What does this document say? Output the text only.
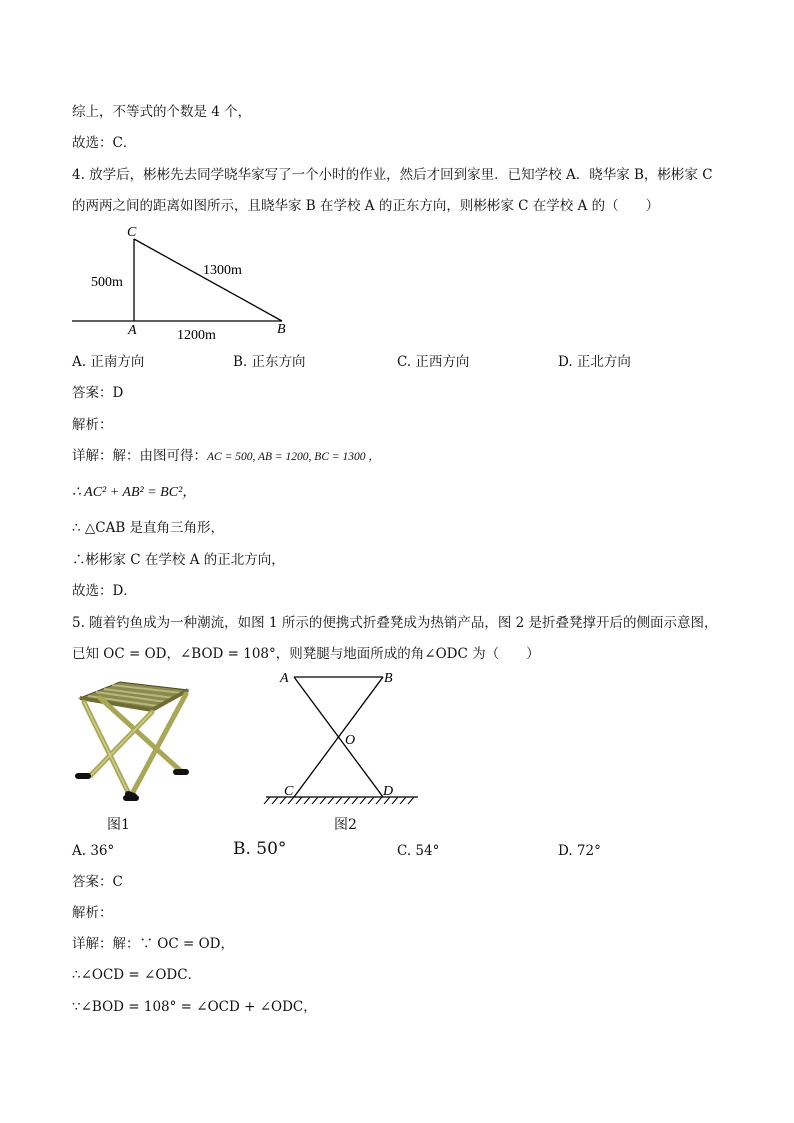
综上，不等式的个数是 4 个，
故选：C．
4. 放学后，彬彬先去同学晓华家写了一个小时的作业，然后才回到家里．已知学校 A．晓华家 B，彬彬家 C
的两两之间的距离如图所示，且晓华家 B 在学校 A 的正东方向，则彬彬家 C 在学校 A 的（　　）
C
A	B
500m
1300m
1200m
A. 正南方向	B. 正东方向	C. 正西方向	D. 正北方向
答案：D
解析：
详解：解：由图可得：AC = 500, AB = 1200, BC = 1300 ，
∴ AC² + AB² = BC²，
∴ △CAB 是直角三角形，
∴彬彬家 C 在学校 A 的正北方向，
故选：D．
5. 随着钓鱼成为一种潮流，如图 1 所示的便携式折叠凳成为热销产品，图 2 是折叠凳撑开后的侧面示意图，
已知 OC = OD，∠BOD = 108°，则凳腿与地面所成的角∠ODC 为（　　）
图1
A	B
O
C	D
图2
A. 36°	B. 50°	C. 54°	D. 72°
答案：C
解析：
详解：解：∵ OC = OD，
∴∠OCD = ∠ODC．
∵∠BOD = 108° = ∠OCD + ∠ODC，
